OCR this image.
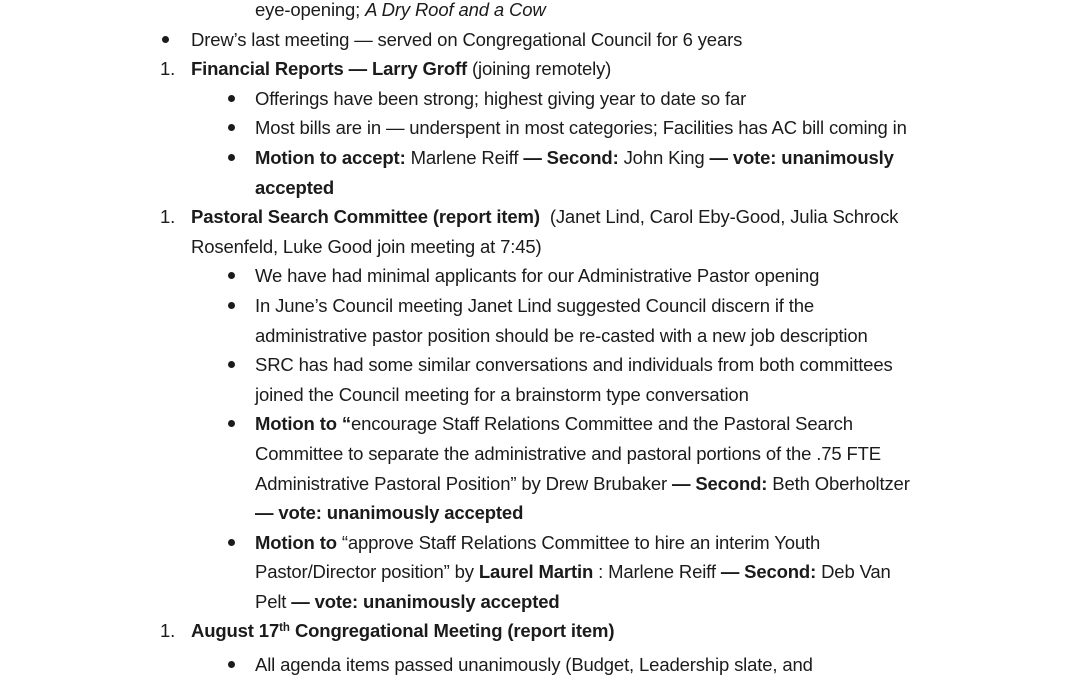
eye-opening; A Dry Roof and a Cow
Drew’s last meeting — served on Congregational Council for 6 years
1. Financial Reports — Larry Groff (joining remotely)
Offerings have been strong; highest giving year to date so far
Most bills are in — underspent in most categories; Facilities has AC bill coming in
Motion to accept: Marlene Reiff — Second: John King — vote: unanimously
accepted
1. Pastoral Search Committee (report item)  (Janet Lind, Carol Eby-Good, Julia Schrock
Rosenfeld, Luke Good join meeting at 7:45)
We have had minimal applicants for our Administrative Pastor opening
In June’s Council meeting Janet Lind suggested Council discern if the
administrative pastor position should be re-casted with a new job description
SRC has had some similar conversations and individuals from both committees
joined the Council meeting for a brainstorm type conversation
Motion to “encourage Staff Relations Committee and the Pastoral Search
Committee to separate the administrative and pastoral portions of the .75 FTE
Administrative Pastoral Position” by Drew Brubaker — Second: Beth Oberholtzer
— vote: unanimously accepted
Motion to “approve Staff Relations Committee to hire an interim Youth
Pastor/Director position” by Laurel Martin : Marlene Reiff — Second: Deb Van
Pelt — vote: unanimously accepted
1. August 17th Congregational Meeting (report item)
All agenda items passed unanimously (Budget, Leadership slate, and
